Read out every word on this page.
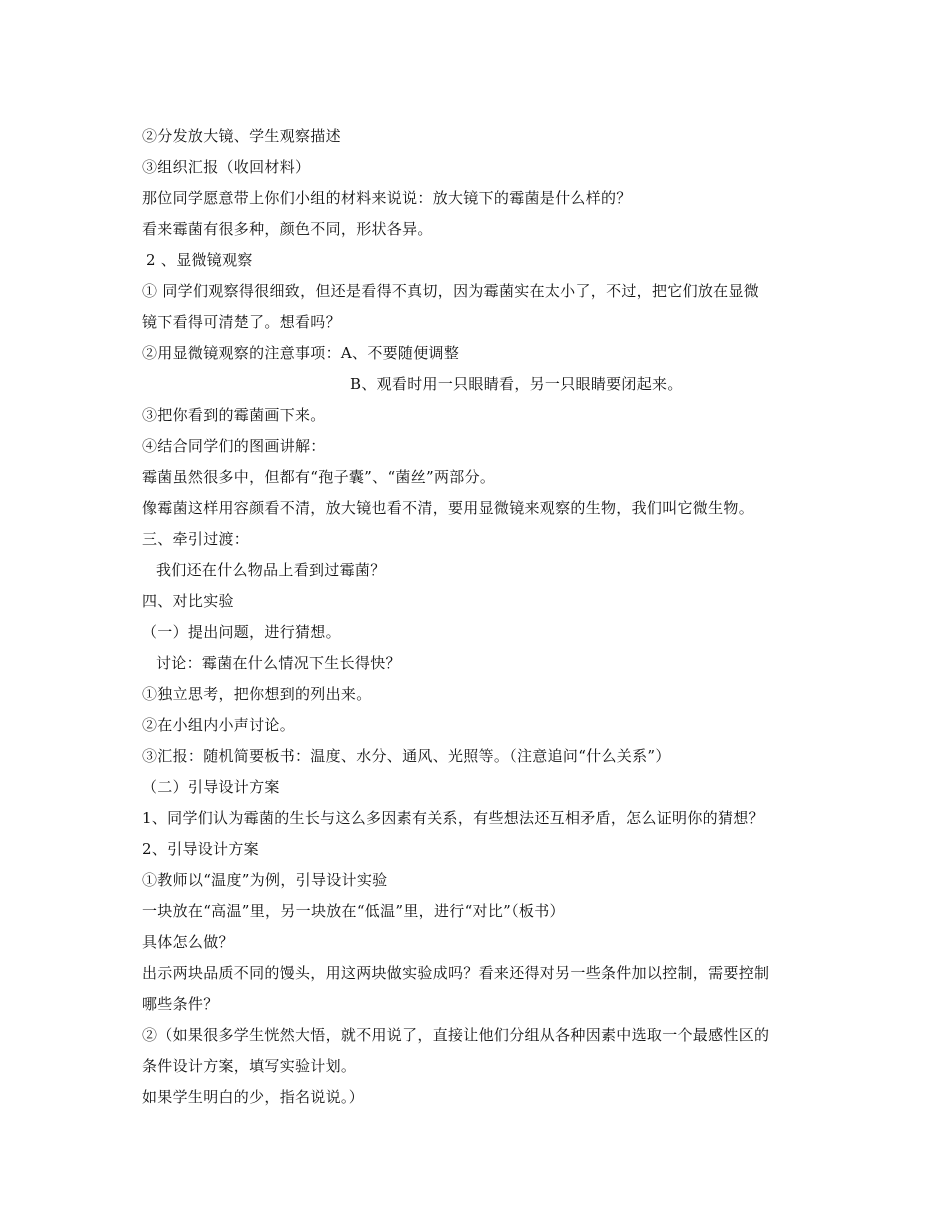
②分发放大镜、学生观察描述
③组织汇报（收回材料）
那位同学愿意带上你们小组的材料来说说：放大镜下的霉菌是什么样的？
看来霉菌有很多种，颜色不同，形状各异。
2 、显微镜观察
① 同学们观察得很细致，但还是看得不真切，因为霉菌实在太小了，不过，把它们放在显微
镜下看得可清楚了。想看吗？
②用显微镜观察的注意事项：A、不要随便调整
B、观看时用一只眼睛看，另一只眼睛要闭起来。
③把你看到的霉菌画下来。
④结合同学们的图画讲解：
霉菌虽然很多中，但都有“孢子囊”、“菌丝”两部分。
像霉菌这样用容颜看不清，放大镜也看不清，要用显微镜来观察的生物，我们叫它微生物。
三、牵引过渡：
我们还在什么物品上看到过霉菌？
四、对比实验
（一）提出问题，进行猜想。
讨论：霉菌在什么情况下生长得快？
①独立思考，把你想到的列出来。
②在小组内小声讨论。
③汇报：随机简要板书：温度、水分、通风、光照等。（注意追问“什么关系”）
（二）引导设计方案
1、同学们认为霉菌的生长与这么多因素有关系，有些想法还互相矛盾，怎么证明你的猜想？
2、引导设计方案
①教师以“温度”为例，引导设计实验
一块放在“高温”里，另一块放在“低温”里，进行“对比”（板书）
具体怎么做？
出示两块品质不同的馒头，用这两块做实验成吗？看来还得对另一些条件加以控制，需要控制
哪些条件？
②（如果很多学生恍然大悟，就不用说了，直接让他们分组从各种因素中选取一个最感性区的
条件设计方案，填写实验计划。
如果学生明白的少，指名说说。）
